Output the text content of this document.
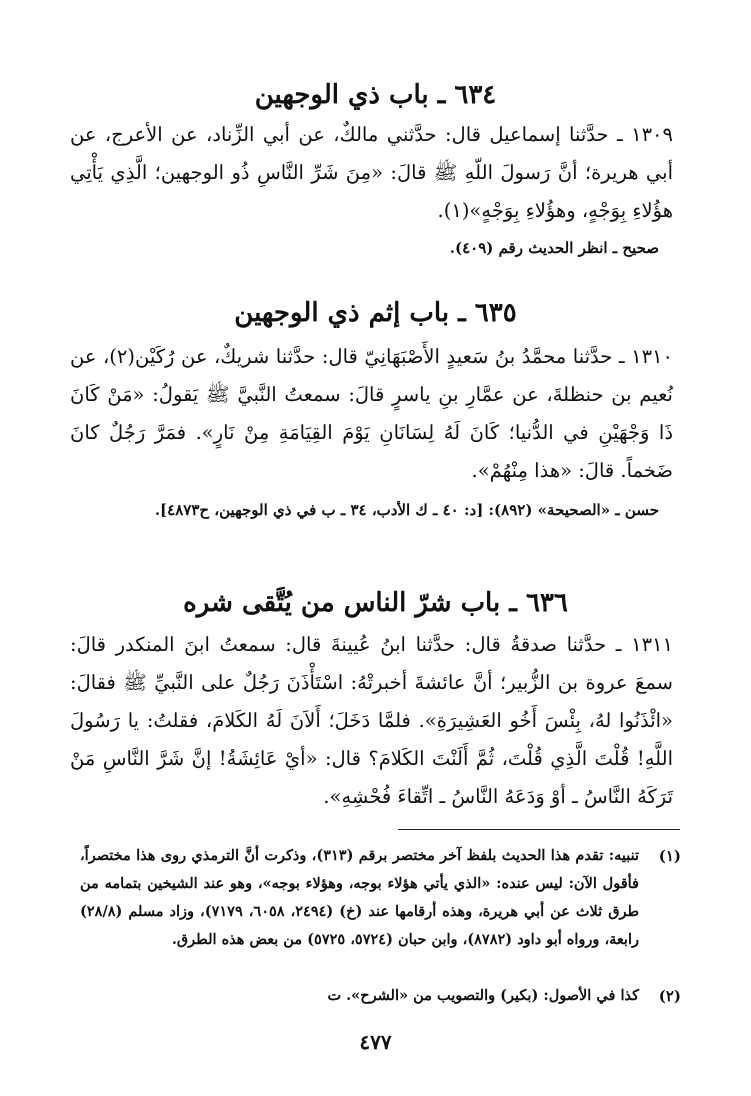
٦٣٤ ـ باب ذي الوجهين
١٣٠٩ ـ حدَّثنا إسماعيل قال: حدَّثني مالكٌ، عن أبي الزِّناد، عن الأعرج، عن أبي هريرة؛ أنَّ رَسولَ اللّهِ ﷺ قالَ: «مِنَ شَرِّ النَّاسِ ذُو الوجهين؛ الَّذِي يَأْتِي هؤُلاءِ بِوَجْهٍ، وهؤُلاءِ بِوَجْهٍ»(١).
صحيح ـ انظر الحديث رقم (٤٠٩).
٦٣٥ ـ باب إثم ذي الوجهين
١٣١٠ ـ حدَّثنا محمَّدُ بنُ سَعيدٍ الأَصْبَهَانِيّ قال: حدَّثنا شريكٌ، عن رُكَيْن(٢)، عن نُعيم بن حنظلةَ، عن عمَّارِ بنِ ياسرٍ قالَ: سمعتُ النَّبيَّ ﷺ يَقولُ: «مَنْ كَانَ ذَا وَجْهَيْنِ في الدُّنيا؛ كَانَ لَهُ لِسَانَانِ يَوْمَ القِيَامَةِ مِنْ نَارٍ». فمَرَّ رَجُلٌ كانَ ضَخماً. قالَ: «هذا مِنْهُمْ».
حسن ـ «الصحيحة» (٨٩٢): [د: ٤٠ ـ ك الأدب، ٣٤ ـ ب في ذي الوجهين، ح٤٨٧٣].
٦٣٦ ـ باب شرّ الناس من يُتَّقى شره
١٣١١ ـ حدَّثنا صدقةُ قال: حدَّثنا ابنُ عُيينةَ قال: سمعتُ ابنَ المنكدر قالَ: سمعَ عروة بن الزُّبير؛ أنَّ عائشةَ أخبرتْهُ: اسْتَأْذَنَ رَجُلٌ على النَّبيِّ ﷺ فقالَ: «ائْذَنُوا لهُ، بِئْسَ أَخُو العَشِيرَةِ». فلمَّا دَخَلَ؛ أَلاَنَ لَهُ الكَلامَ، فقلتُ: يا رَسُولَ اللَّهِ! قُلْتَ الَّذِي قُلْتَ، ثُمَّ أَلَنْتَ الكَلامَ؟ قال: «أيْ عَائِشَةُ! إنَّ شَرَّ النَّاسِ مَنْ تَرَكَهُ النَّاسُ ـ أوْ وَدَعَهُ النَّاسُ ـ اتِّقاءَ فُحْشِهِ».
(١)
تنبيه: تقدم هذا الحديث بلفظ آخر مختصر برقم (٣١٣)، وذكرت أنَّ الترمذي روى هذا مختصراً، فأقول الآن: ليس عنده: «الذي يأتي هؤلاء بوجه، وهؤلاء بوجه»، وهو عند الشيخين بتمامه من طرق ثلاث عن أبي هريرة، وهذه أرقامها عند (خ) (٢٤٩٤، ٦٠٥٨، ٧١٧٩)، وزاد مسلم (٢٨/٨) رابعة، ورواه أبو داود (٨٧٨٢)، وابن حبان (٥٧٢٤، ٥٧٢٥) من بعض هذه الطرق.
(٢)
كذا في الأصول: (بكير) والتصويب من «الشرح». ت
٤٧٧
